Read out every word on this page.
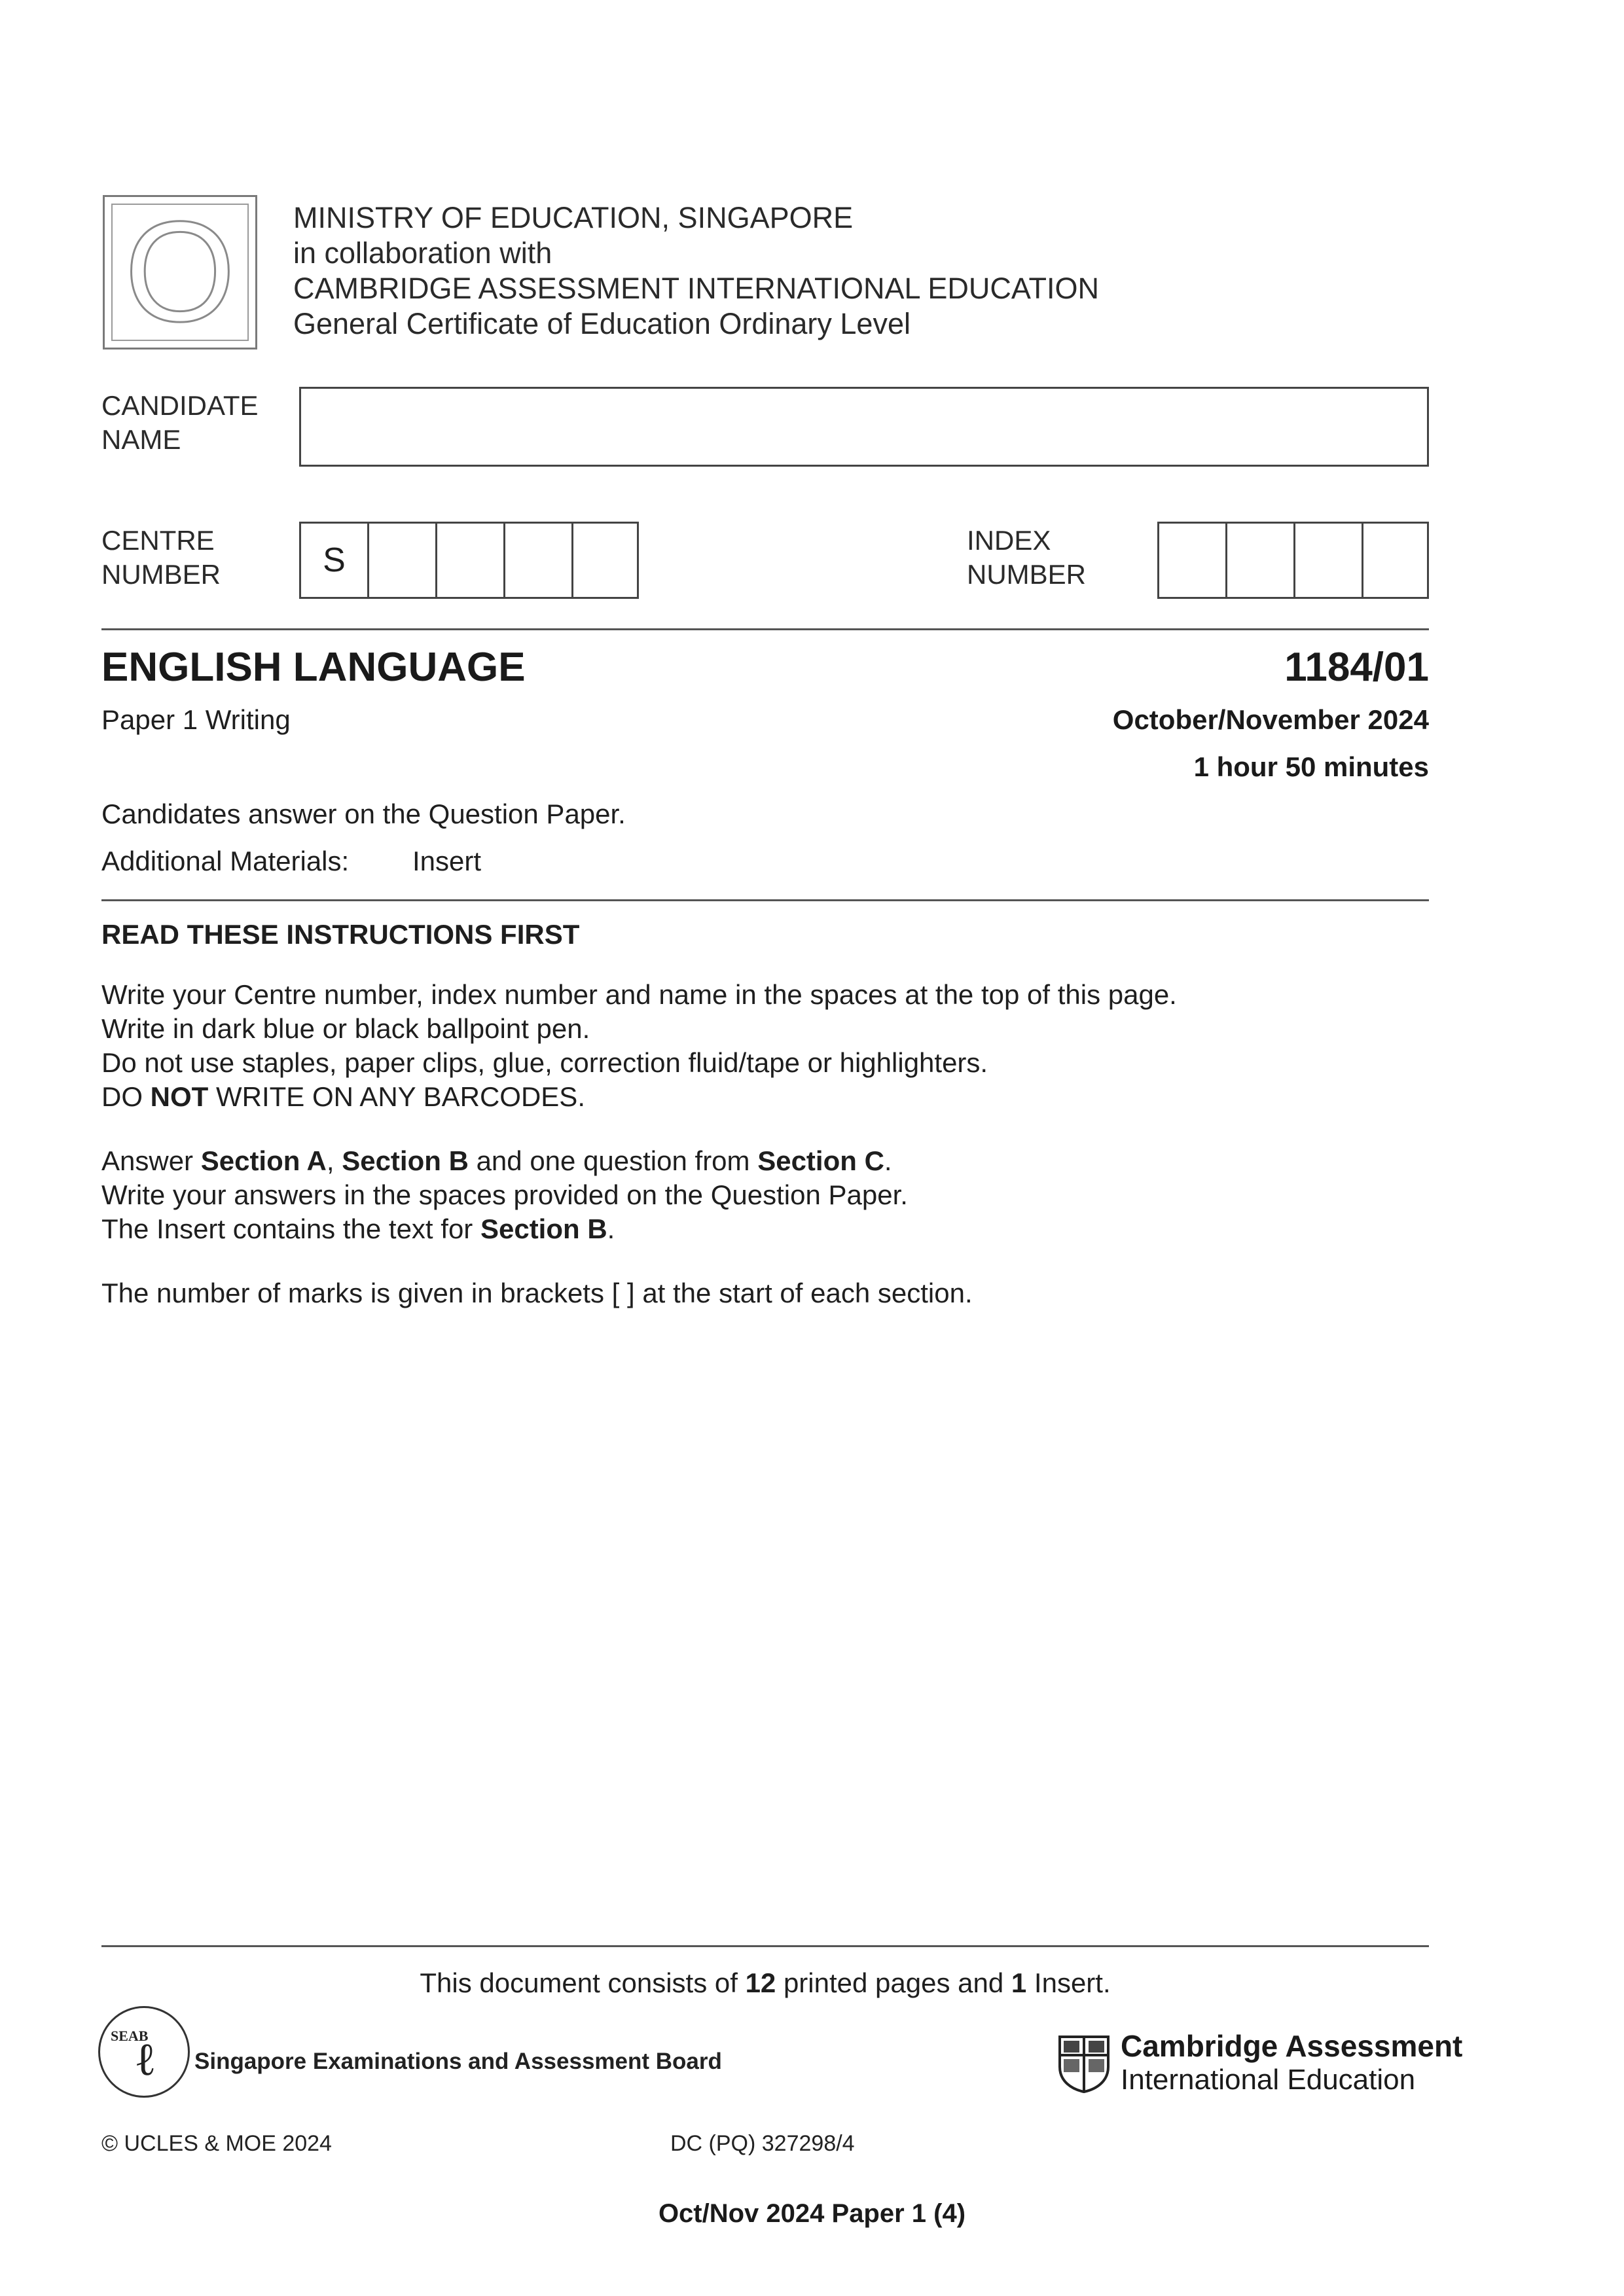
O	MINISTRY OF EDUCATION, SINGAPORE
in collaboration with
CAMBRIDGE ASSESSMENT INTERNATIONAL EDUCATION
General Certificate of Education Ordinary Level
CANDIDATE
NAME
CENTRE
NUMBER	S
INDEX
NUMBER
ENGLISH LANGUAGE	1184/01
Paper 1 Writing	October/November 2024
1 hour 50 minutes
Candidates answer on the Question Paper.
Additional Materials: Insert
READ THESE INSTRUCTIONS FIRST
Write your Centre number, index number and name in the spaces at the top of this page.
Write in dark blue or black ballpoint pen.
Do not use staples, paper clips, glue, correction fluid/tape or highlighters.
DO NOT WRITE ON ANY BARCODES.
Answer Section A, Section B and one question from Section C.
Write your answers in the spaces provided on the Question Paper.
The Insert contains the text for Section B.
The number of marks is given in brackets [ ] at the start of each section.
This document consists of 12 printed pages and 1 Insert.
SEAB
ℓ Singapore Examinations and Assessment Board	Cambridge Assessment
International Education
© UCLES & MOE 2024	DC (PQ) 327298/4
Oct/Nov 2024 Paper 1 (4)
